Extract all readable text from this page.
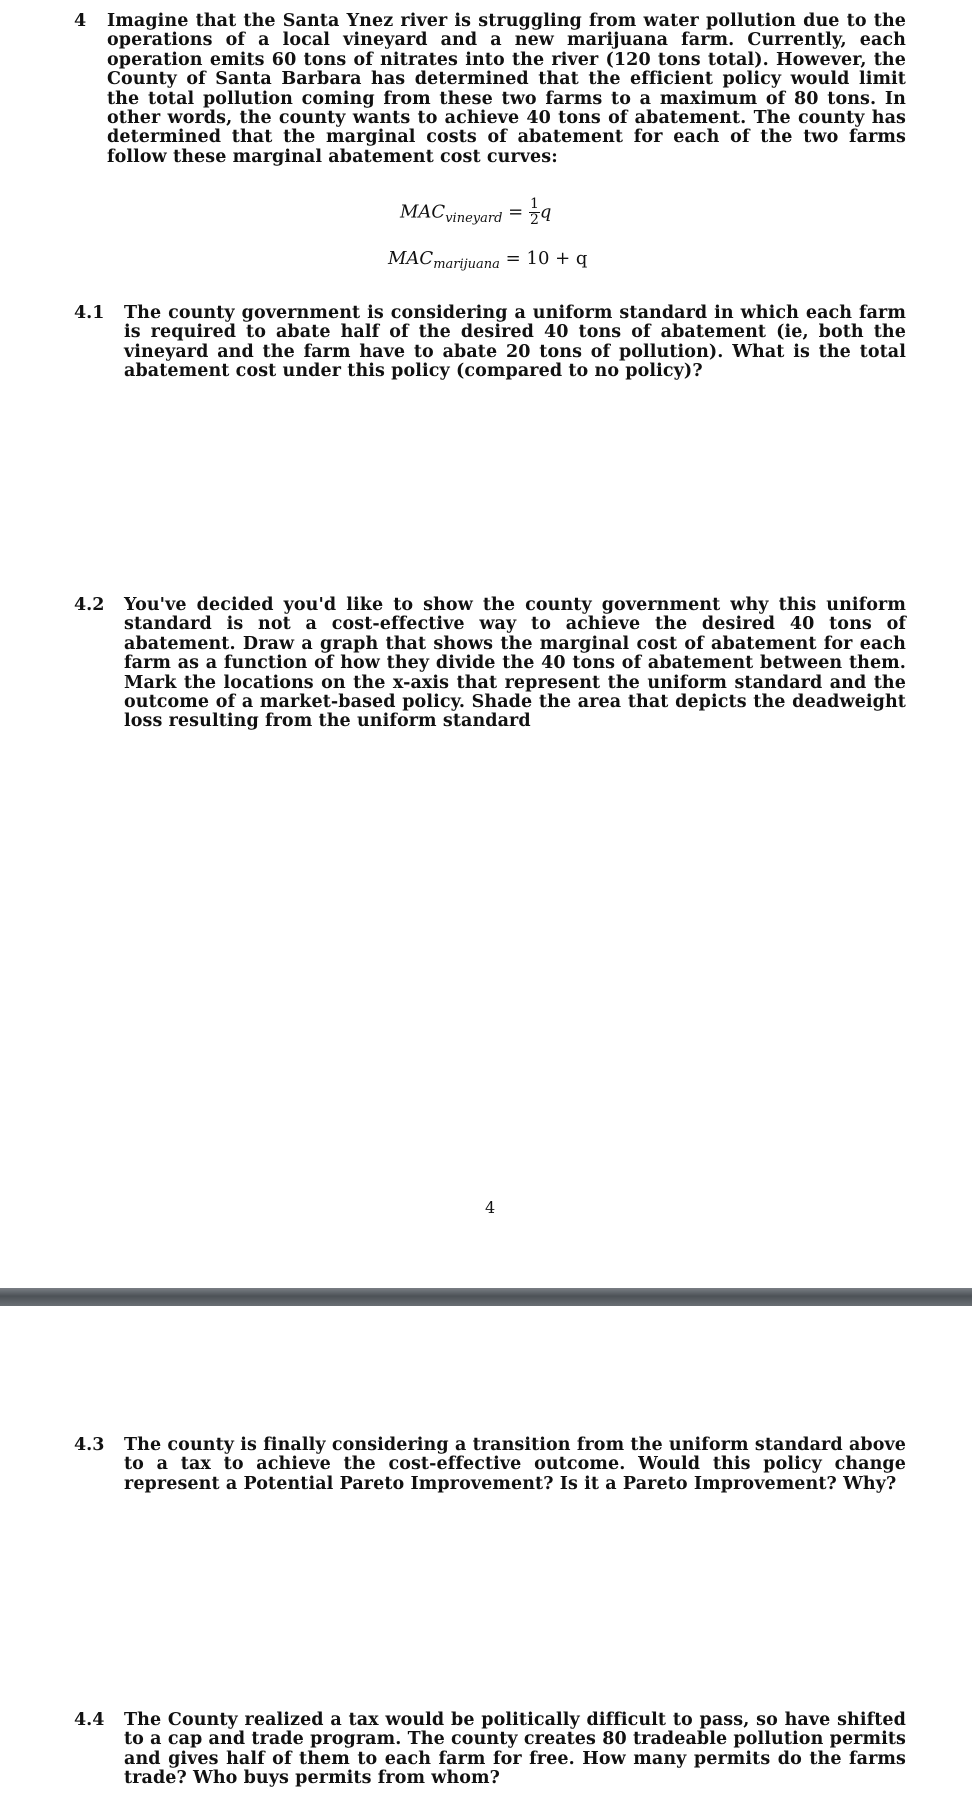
4 Imagine that the Santa Ynez river is struggling from water pollution due to the operations of a local vineyard and a new marijuana farm. Currently, each operation emits 60 tons of nitrates into the river (120 tons total). However, the County of Santa Barbara has determined that the efficient policy would limit the total pollution coming from these two farms to a maximum of 80 tons. In other words, the county wants to achieve 40 tons of abatement. The county has determined that the marginal costs of abatement for each of the two farms follow these marginal abatement cost curves:

$MAC_{vineyard} = \frac{1}{2}$ q
$MAC_{marijuana} = 10 + q$
4.1 The county government is considering a uniform standard in which each farm is required to abate half of the desired 40 tons of abatement (ie, both the vineyard and the farm have to abate 20 tons of pollution). What is the total abatement cost under this policy (compared to no policy)?

4.2 You've decided you'd like to show the county government why this uniform standard is not a cost-effective way to achieve the desired 40 tons of abatement. Draw a graph that shows the marginal cost of abatement for each farm as a function of how they divide the 40 tons of abatement between them. Mark the locations on the x-axis that represent the uniform standard and the outcome of a market-based policy. Shade the area that depicts the deadweight loss resulting from the uniform standard

4
4.3 The county is finally considering a transition from the uniform standard above to a tax to achieve the cost-effective outcome. Would this policy change represent a Potential Pareto Improvement? Is it a Pareto Improvement? Why?

4.4 The County realized a tax would be politically difficult to pass, so have shifted to a cap and trade program. The county creates 80 tradeable pollution permits and gives half of them to each farm for free. How many permits do the farms trade? Who buys permits from whom?
